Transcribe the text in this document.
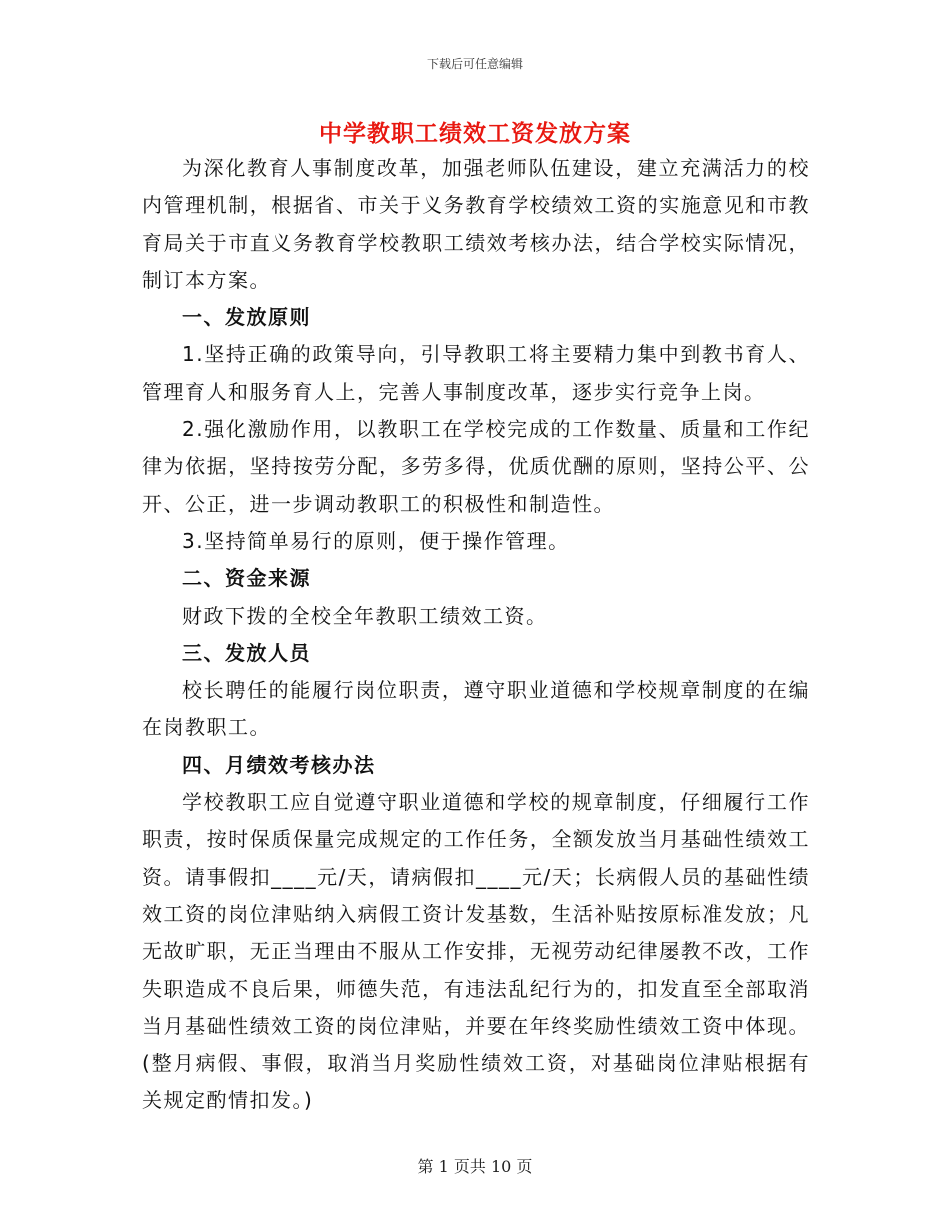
下载后可任意编辑
中学教职工绩效工资发放方案

为深化教育人事制度改革，加强老师队伍建设，建立充满活力的校内管理机制，根据省、市关于义务教育学校绩效工资的实施意见和市教育局关于市直义务教育学校教职工绩效考核办法，结合学校实际情况，制订本方案。

一、发放原则

1.坚持正确的政策导向，引导教职工将主要精力集中到教书育人、管理育人和服务育人上，完善人事制度改革，逐步实行竞争上岗。

2.强化激励作用，以教职工在学校完成的工作数量、质量和工作纪律为依据，坚持按劳分配，多劳多得，优质优酬的原则，坚持公平、公开、公正，进一步调动教职工的积极性和制造性。

3.坚持简单易行的原则，便于操作管理。

二、资金来源

财政下拨的全校全年教职工绩效工资。

三、发放人员

校长聘任的能履行岗位职责，遵守职业道德和学校规章制度的在编在岗教职工。

四、月绩效考核办法

学校教职工应自觉遵守职业道德和学校的规章制度，仔细履行工作职责，按时保质保量完成规定的工作任务，全额发放当月基础性绩效工资。请事假扣____元/天，请病假扣____元/天；长病假人员的基础性绩效工资的岗位津贴纳入病假工资计发基数，生活补贴按原标准发放；凡无故旷职，无正当理由不服从工作安排，无视劳动纪律屡教不改，工作失职造成不良后果，师德失范，有违法乱纪行为的，扣发直至全部取消当月基础性绩效工资的岗位津贴，并要在年终奖励性绩效工资中体现。(整月病假、事假，取消当月奖励性绩效工资，对基础岗位津贴根据有关规定酌情扣发。)

第 1 页共 10 页
